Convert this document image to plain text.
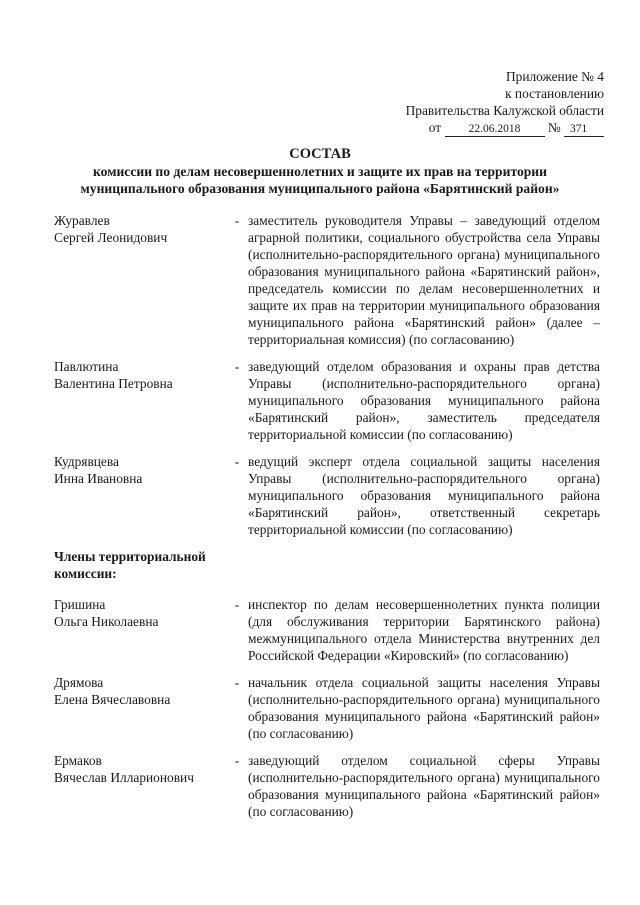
Приложение № 4
к постановлению
Правительства Калужской области
от 22.06.2018 № 371
СОСТАВ
комиссии по делам несовершеннолетних и защите их прав на территории
муниципального образования муниципального района «Барятинский район»
Журавлев
Сергей Леонидович
- заместитель руководителя Управы – заведующий отделом аграрной политики, социального обустройства села Управы (исполнительно-распорядительного органа) муниципального образования муниципального района «Барятинский район», председатель комиссии по делам несовершеннолетних и защите их прав на территории муниципального образования муниципального района «Барятинский район» (далее – территориальная комиссия) (по согласованию)
Павлютина
Валентина Петровна
- заведующий отделом образования и охраны прав детства Управы (исполнительно-распорядительного органа) муниципального образования муниципального района «Барятинский район», заместитель председателя территориальной комиссии (по согласованию)
Кудрявцева
Инна Ивановна
- ведущий эксперт отдела социальной защиты населения Управы (исполнительно-распорядительного органа) муниципального образования муниципального района «Барятинский район», ответственный секретарь территориальной комиссии (по согласованию)
Члены территориальной комиссии:
Гришина
Ольга Николаевна
- инспектор по делам несовершеннолетних пункта полиции (для обслуживания территории Барятинского района) межмуниципального отдела Министерства внутренних дел Российской Федерации «Кировский» (по согласованию)
Дрямова
Елена Вячеславовна
- начальник отдела социальной защиты населения Управы (исполнительно-распорядительного органа) муниципального образования муниципального района «Барятинский район» (по согласованию)
Ермаков
Вячеслав Илларионович
- заведующий отделом социальной сферы Управы (исполнительно-распорядительного органа) муниципального образования муниципального района «Барятинский район» (по согласованию)
